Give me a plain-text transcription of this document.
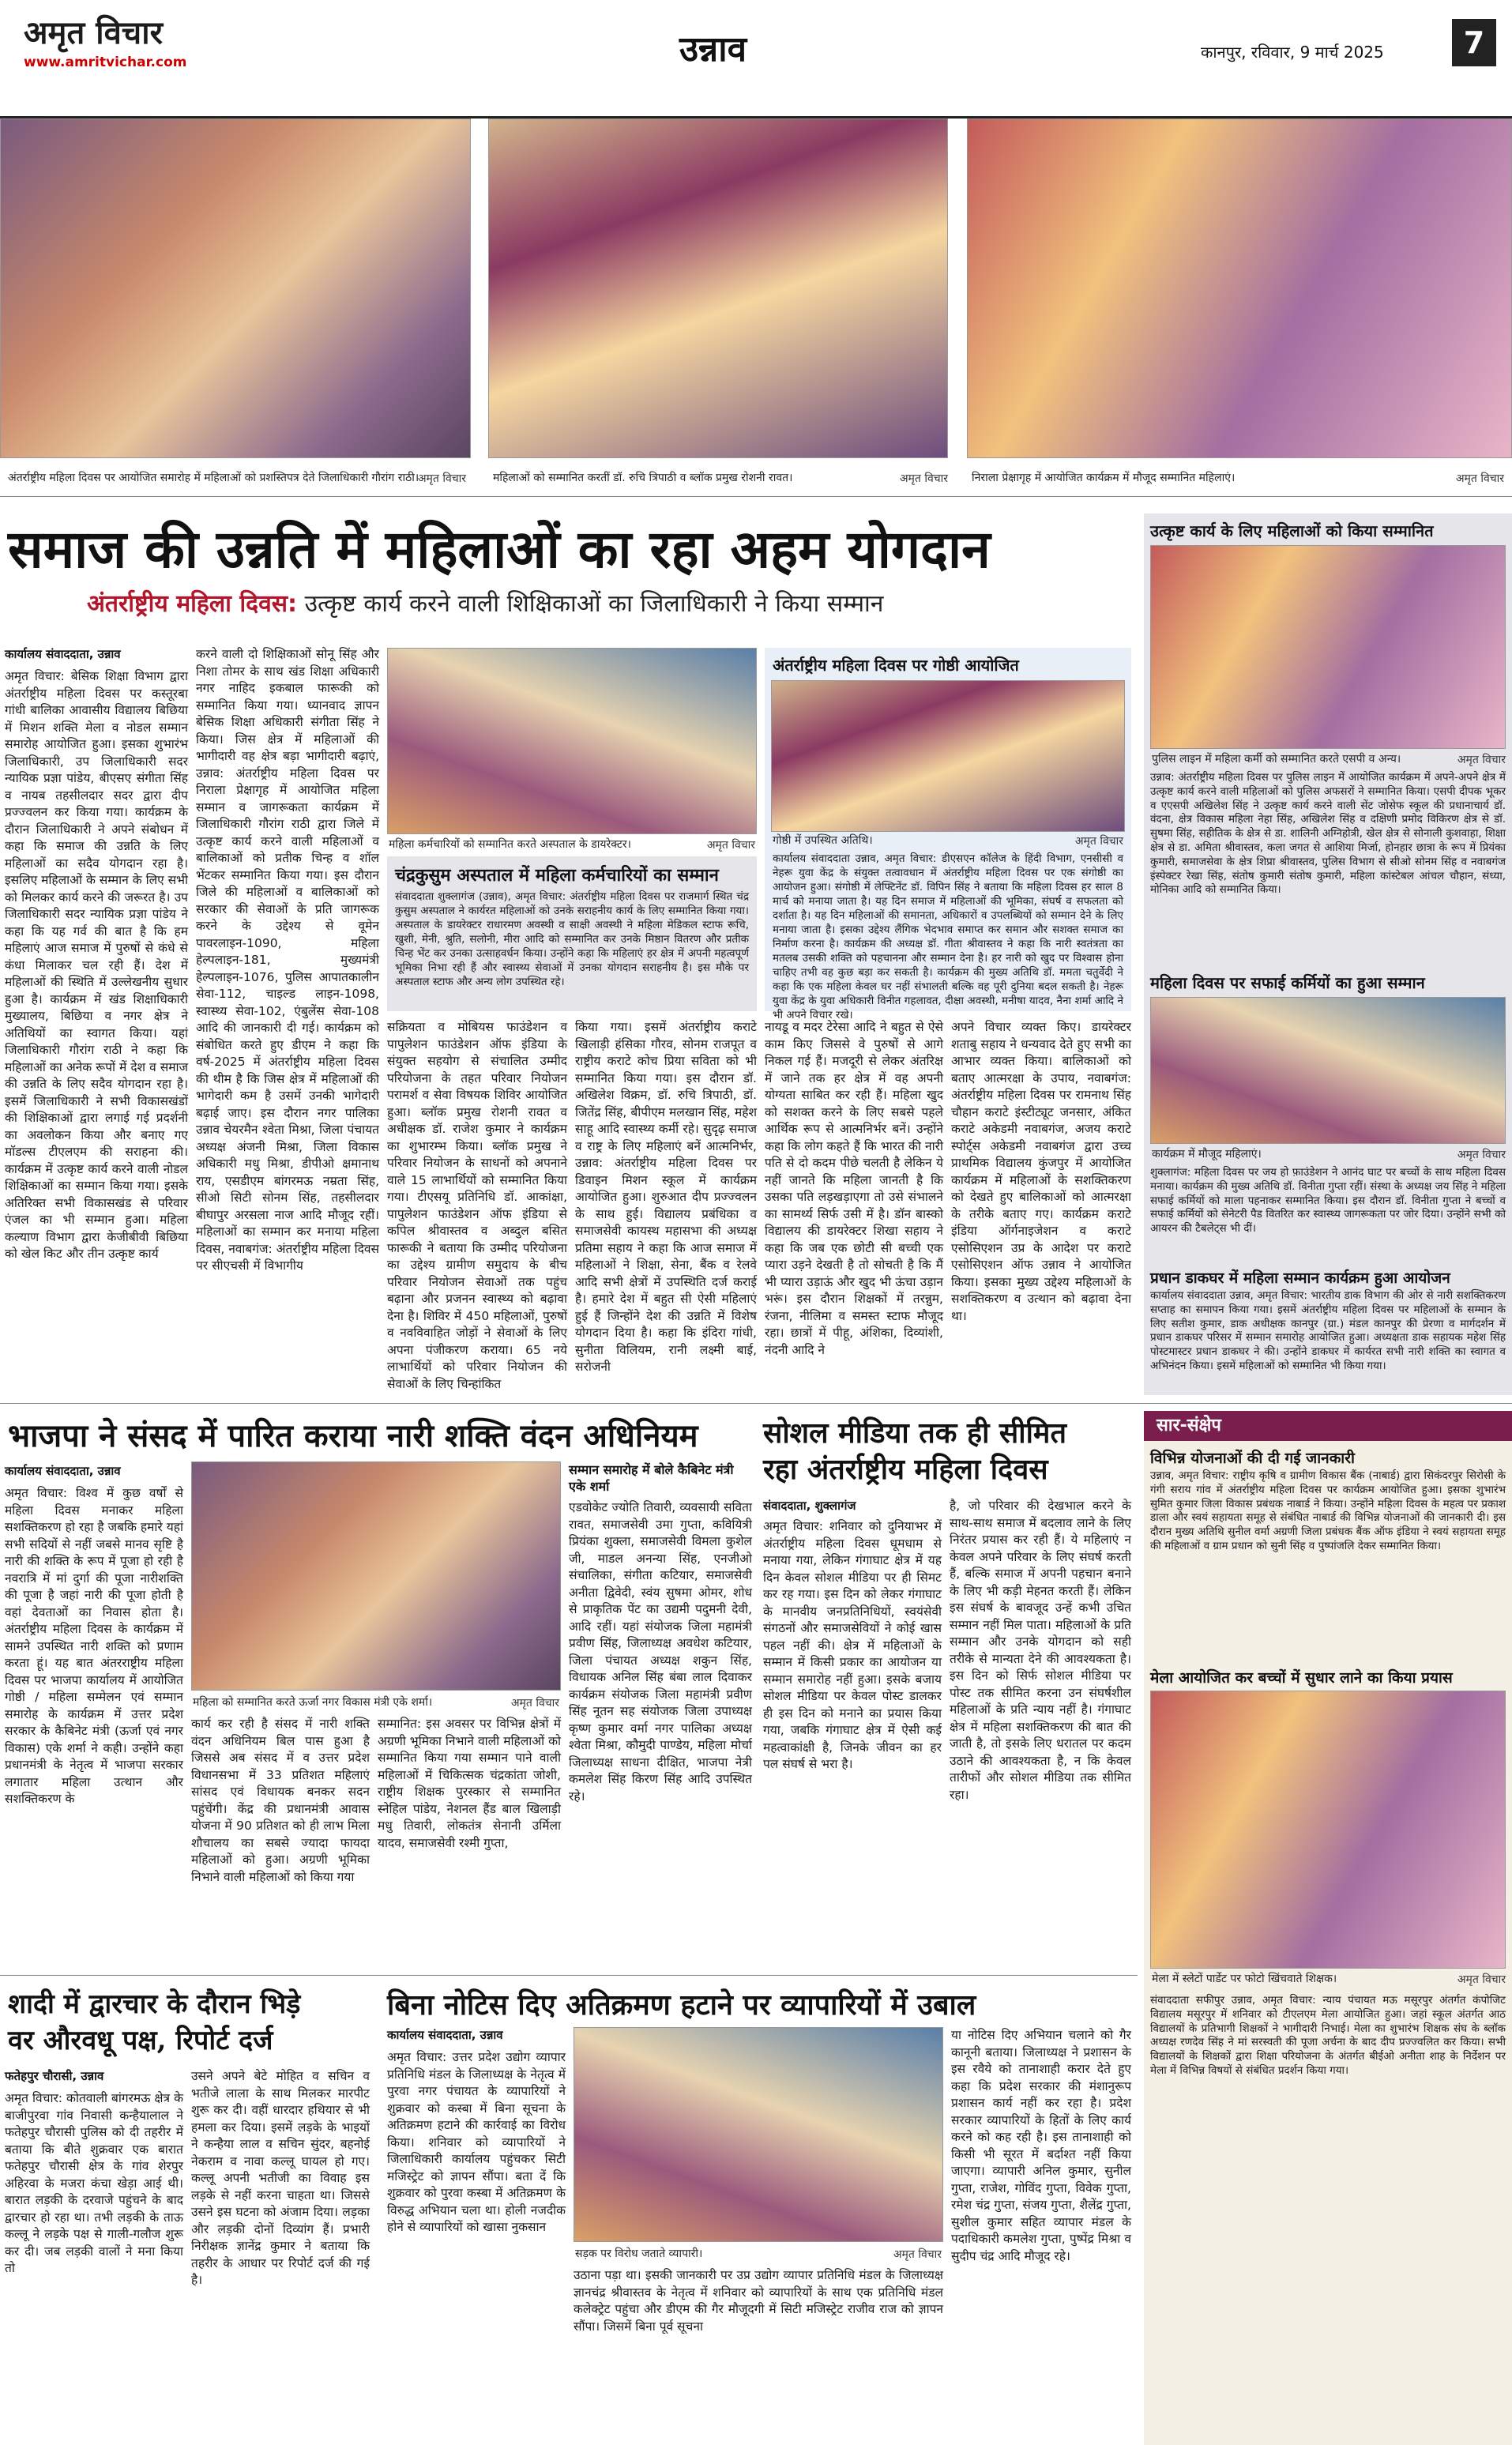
अमृत विचार
www.amritvichar.com	उन्नाव	कानपुर, रविवार, 9 मार्च 2025	7
अंतर्राष्ट्रीय महिला दिवस पर आयोजित समारोह में महिलाओं को प्रशस्तिपत्र देते जिलाधिकारी गौरांग राठी।
अमृत विचार महिलाओं को सम्मानित करतीं डॉ. रुचि त्रिपाठी व ब्लॉक प्रमुख रोशनी रावत।	अमृत विचार निराला प्रेक्षागृह में आयोजित कार्यक्रम में मौजूद सम्मानित महिलाएं।	अमृत विचार
समाज की उन्नति में महिलाओं का रहा अहम योगदान
अंतर्राष्ट्रीय महिला दिवस: उत्कृष्ट कार्य करने वाली शिक्षिकाओं का जिलाधिकारी ने किया सम्मान
कार्यालय संवाददाता, उन्नाव
अमृत विचार: बेसिक शिक्षा विभाग द्वारा अंतर्राष्ट्रीय महिला दिवस पर कस्तूरबा गांधी बालिका आवासीय विद्यालय बिछिया में मिशन शक्ति मेला व नोडल सम्मान समारोह आयोजित हुआ। इसका शुभारंभ जिलाधिकारी, उप जिलाधिकारी सदर न्यायिक प्रज्ञा पांडेय, बीएसए संगीता सिंह व नायब तहसीलदार सदर द्वारा दीप प्रज्ज्वलन कर किया गया। कार्यक्रम के दौरान जिलाधिकारी ने अपने संबोधन में कहा कि समाज की उन्नति के लिए महिलाओं का सदैव योगदान रहा है। इसलिए महिलाओं के सम्मान के लिए सभी को मिलकर कार्य करने की जरूरत है। उप जिलाधिकारी सदर न्यायिक प्रज्ञा पांडेय ने कहा कि यह गर्व की बात है कि हम महिलाएं आज समाज में पुरुषों से कंधे से कंधा मिलाकर चल रही हैं। देश में महिलाओं की स्थिति में उल्लेखनीय सुधार हुआ है। कार्यक्रम में खंड शिक्षाधिकारी मुख्यालय, बिछिया व नगर क्षेत्र ने अतिथियों का स्वागत किया। यहां जिलाधिकारी गौरांग राठी ने कहा कि महिलाओं का अनेक रूपों में देश व समाज की उन्नति के लिए सदैव योगदान रहा है। इसमें जिलाधिकारी ने सभी विकासखंडों की शिक्षिकाओं द्वारा लगाई गई प्रदर्शनी का अवलोकन किया और बनाए गए मॉडल्स टीएलएम की सराहना की। कार्यक्रम में उत्कृष्ट कार्य करने वाली नोडल शिक्षिकाओं का सम्मान किया गया। इसके अतिरिक्त सभी विकासखंड से परिवार एंजल का भी सम्मान हुआ। महिला कल्याण विभाग द्वारा केजीबीवी बिछिया को खेल किट और तीन उत्कृष्ट कार्य
करने वाली दो शिक्षिकाओं सोनू सिंह और निशा तोमर के साथ खंड शिक्षा अधिकारी नगर नाहिद इकबाल फारूकी को सम्मानित किया गया। ध्यानवाद ज्ञापन बेसिक शिक्षा अधिकारी संगीता सिंह ने किया। जिस क्षेत्र में महिलाओं की भागीदारी वह क्षेत्र बड़ा भागीदारी बढ़ाएं, उन्नाव: अंतर्राष्ट्रीय महिला दिवस पर निराला प्रेक्षागृह में आयोजित महिला सम्मान व जागरूकता कार्यक्रम में जिलाधिकारी गौरांग राठी द्वारा जिले में उत्कृष्ट कार्य करने वाली महिलाओं व बालिकाओं को प्रतीक चिन्ह व शॉल भेंटकर सम्मानित किया गया। इस दौरान जिले की महिलाओं व बालिकाओं को सरकार की सेवाओं के प्रति जागरूक करने के उद्देश्य से वूमेन पावरलाइन-1090, महिला हेल्पलाइन-181, मुख्यमंत्री हेल्पलाइन-1076, पुलिस आपातकालीन सेवा-112, चाइल्ड लाइन-1098, स्वास्थ्य सेवा-102, एंबुलेंस सेवा-108 आदि की जानकारी दी गई। कार्यक्रम को संबोधित करते हुए डीएम ने कहा कि वर्ष-2025 में अंतर्राष्ट्रीय महिला दिवस की थीम है कि जिस क्षेत्र में महिलाओं की भागेदारी कम है उसमें उनकी भागेदारी बढ़ाई जाए। इस दौरान नगर पालिका उन्नाव चेयरमैन श्वेता मिश्रा, जिला पंचायत अध्यक्ष अंजनी मिश्रा, जिला विकास अधिकारी मधु मिश्रा, डीपीओ क्षमानाथ राय, एसडीएम बांगरमऊ नम्रता सिंह, सीओ सिटी सोनम सिंह, तहसीलदार बीघापुर अरसला नाज आदि मौजूद रहीं। महिलाओं का सम्मान कर मनाया महिला दिवस, नवाबगंज: अंतर्राष्ट्रीय महिला दिवस पर सीएचसी में विभागीय
महिला कर्मचारियों को सम्मानित करते अस्पताल के डायरेक्टर।	अमृत विचार
चंद्रकुसुम अस्पताल में महिला कर्मचारियों का सम्मान
संवाददाता शुक्लागंज (उन्नाव), अमृत विचार: अंतर्राष्ट्रीय महिला दिवस पर राजमार्ग स्थित चंद्र कुसुम अस्पताल ने कार्यरत महिलाओं को उनके सराहनीय कार्य के लिए सम्मानित किया गया। अस्पताल के डायरेक्टर राधारमण अवस्थी व साक्षी अवस्थी ने महिला मेडिकल स्टाफ रूचि, खुशी, मेनी, श्रुति, सलोनी, मीरा आदि को सम्मानित कर उनके मिष्ठान वितरण और प्रतीक चिन्ह भेंट कर उनका उत्साहवर्धन किया। उन्होंने कहा कि महिलाएं हर क्षेत्र में अपनी महत्वपूर्ण भूमिका निभा रही हैं और स्वास्थ्य सेवाओं में उनका योगदान सराहनीय है। इस मौके पर अस्पताल स्टाफ और अन्य लोग उपस्थित रहे।
अंतर्राष्ट्रीय महिला दिवस पर गोष्ठी आयोजित
गोष्ठी में उपस्थित अतिथि।	अमृत विचार
कार्यालय संवाददाता उन्नाव, अमृत विचार: डीएसएन कॉलेज के हिंदी विभाग, एनसीसी व नेहरू युवा केंद्र के संयुक्त तत्वावधान में अंतर्राष्ट्रीय महिला दिवस पर एक संगोष्ठी का आयोजन हुआ। संगोष्ठी में लेफ्टिनेंट डॉ. विपिन सिंह ने बताया कि महिला दिवस हर साल 8 मार्च को मनाया जाता है। यह दिन समाज में महिलाओं की भूमिका, संघर्ष व सफलता को दर्शाता है। यह दिन महिलाओं की समानता, अधिकारों व उपलब्धियों को सम्मान देने के लिए मनाया जाता है। इसका उद्देश्य लैंगिक भेदभाव समाप्त कर समान और सशक्त समाज का निर्माण करना है। कार्यक्रम की अध्यक्ष डॉ. गीता श्रीवास्तव ने कहा कि नारी स्वतंत्रता का मतलब उसकी शक्ति को पहचानना और सम्मान देना है। हर नारी को खुद पर विश्वास होना चाहिए तभी वह कुछ बड़ा कर सकती है। कार्यक्रम की मुख्य अतिथि डॉ. ममता चतुर्वेदी ने कहा कि एक महिला केवल घर नहीं संभालती बल्कि वह पूरी दुनिया बदल सकती है। नेहरू युवा केंद्र के युवा अधिकारी विनीत गहलावत, दीक्षा अवस्थी, मनीषा यादव, नैना शर्मा आदि ने भी अपने विचार रखे।
सक्रियता व मोबियस फाउंडेशन व पापुलेशन फाउंडेशन ऑफ इंडिया के संयुक्त सहयोग से संचालित उम्मीद परियोजना के तहत परिवार नियोजन परामर्श व सेवा विषयक शिविर आयोजित हुआ। ब्लॉक प्रमुख रोशनी रावत व अधीक्षक डॉ. राजेश कुमार ने कार्यक्रम का शुभारम्भ किया। ब्लॉक प्रमुख ने परिवार नियोजन के साधनों को अपनाने वाले 15 लाभार्थियों को सम्मानित किया गया। टीएसयू प्रतिनिधि डॉ. आकांक्षा, पापुलेशन फाउंडेशन ऑफ इंडिया से कपिल श्रीवास्तव व अब्दुल बसित फारूकी ने बताया कि उम्मीद परियोजना का उद्देश्य ग्रामीण समुदाय के बीच परिवार नियोजन सेवाओं तक पहुंच बढ़ाना और प्रजनन स्वास्थ्य को बढ़ावा देना है। शिविर में 450 महिलाओं, पुरुषों व नवविवाहित जोड़ों ने सेवाओं के लिए अपना पंजीकरण कराया। 65 नये लाभार्थियों को परिवार नियोजन की सेवाओं के लिए चिन्हांकित
किया गया। इसमें अंतर्राष्ट्रीय कराटे खिलाड़ी हंसिका गौरव, सोनम राजपूत व राष्ट्रीय कराटे कोच प्रिया सविता को भी सम्मानित किया गया। इस दौरान डॉ. अखिलेश विक्रम, डॉ. रुचि त्रिपाठी, डॉ. जितेंद्र सिंह, बीपीएम मलखान सिंह, महेश साहू आदि स्वास्थ्य कर्मी रहे। सुदृढ़ समाज व राष्ट्र के लिए महिलाएं बनें आत्मनिर्भर, उन्नाव: अंतर्राष्ट्रीय महिला दिवस पर डिवाइन मिशन स्कूल में कार्यक्रम आयोजित हुआ। शुरुआत दीप प्रज्ज्वलन के साथ हुई। विद्यालय प्रबंधिका व समाजसेवी कायस्थ महासभा की अध्यक्ष प्रतिमा सहाय ने कहा कि आज समाज में महिलाओं ने शिक्षा, सेना, बैंक व रेलवे आदि सभी क्षेत्रों में उपस्थिति दर्ज कराई है। हमारे देश में बहुत सी ऐसी महिलाएं हुई हैं जिन्होंने देश की उन्नति में विशेष योगदान दिया है। कहा कि इंदिरा गांधी, सुनीता विलियम, रानी लक्ष्मी बाई, सरोजनी
नायडू व मदर टेरेसा आदि ने बहुत से ऐसे काम किए जिससे वे पुरुषों से आगे निकल गई हैं। मजदूरी से लेकर अंतरिक्ष में जाने तक हर क्षेत्र में वह अपनी योग्यता साबित कर रही हैं। महिला खुद को सशक्त करने के लिए सबसे पहले आर्थिक रूप से आत्मनिर्भर बनें। उन्होंने कहा कि लोग कहते हैं कि भारत की नारी पति से दो कदम पीछे चलती है लेकिन ये नहीं जानते कि महिला जानती है कि उसका पति लड़खड़ाएगा तो उसे संभालने का सामर्थ्य सिर्फ उसी में है। डॉन बास्को विद्यालय की डायरेक्टर शिखा सहाय ने कहा कि जब एक छोटी सी बच्ची एक प्यारा उड़ने देखती है तो सोचती है कि मैं भी प्यारा उड़ाऊं और खुद भी ऊंचा उड़ान भरूं। इस दौरान शिक्षकों में तरन्नुम, रंजना, नीलिमा व समस्त स्टाफ मौजूद रहा। छात्रों में पीहू, अंशिका, दिव्यांशी, नंदनी आदि ने
अपने विचार व्यक्त किए। डायरेक्टर शताबु सहाय ने धन्यवाद देते हुए सभी का आभार व्यक्त किया। बालिकाओं को बताए आत्मरक्षा के उपाय, नवाबगंज: अंतर्राष्ट्रीय महिला दिवस पर रामनाथ सिंह चौहान कराटे इंस्टीट्यूट जनसार, अंकित कराटे अकेडमी नवाबगंज, अजय कराटे स्पोर्ट्स अकेडमी नवाबगंज द्वारा उच्च प्राथमिक विद्यालय कुंजपुर में आयोजित कार्यक्रम में महिलाओं के सशक्तिकरण को देखते हुए बालिकाओं को आत्मरक्षा के तरीके बताए गए। कार्यक्रम कराटे इंडिया ऑर्गनाइजेशन व कराटे एसोसिएशन उप्र के आदेश पर कराटे एसोसिएशन ऑफ उन्नाव ने आयोजित किया। इसका मुख्य उद्देश्य महिलाओं के सशक्तिकरण व उत्थान को बढ़ावा देना था।
उत्कृष्ट कार्य के लिए महिलाओं को किया सम्मानित
पुलिस लाइन में महिला कर्मी को सम्मानित करते एसपी व अन्य।	अमृत विचार
उन्नाव: अंतर्राष्ट्रीय महिला दिवस पर पुलिस लाइन में आयोजित कार्यक्रम में अपने-अपने क्षेत्र में उत्कृष्ट कार्य करने वाली महिलाओं को पुलिस अफसरों ने सम्मानित किया। एसपी दीपक भूकर व एएसपी अखिलेश सिंह ने उत्कृष्ट कार्य करने वाली सेंट जोसेफ स्कूल की प्रधानाचार्य डॉ. वंदना, क्षेत्र विकास महिला नेहा सिंह, अखिलेश सिंह व दक्षिणी प्रमोद विकिरण क्षेत्र से डॉ. सुषमा सिंह, सहीतिक के क्षेत्र से डा. शालिनी अग्निहोत्री, खेल क्षेत्र से सोनाली कुशवाहा, शिक्षा क्षेत्र से डा. अमिता श्रीवास्तव, कला जगत से आशिया मिर्जा, होनहार छात्रा के रूप में प्रियंका कुमारी, समाजसेवा के क्षेत्र शिप्रा श्रीवास्तव, पुलिस विभाग से सीओ सोनम सिंह व नवाबगंज इंस्पेक्टर रेखा सिंह, संतोष कुमारी संतोष कुमारी, महिला कांस्टेबल आंचल चौहान, संध्या, मोनिका आदि को सम्मानित किया।
महिला दिवस पर सफाई कर्मियों का हुआ सम्मान
कार्यक्रम में मौजूद महिलाएं।	अमृत विचार
शुक्लागंज: महिला दिवस पर जय हो फ़ाउंडेशन ने आनंद घाट पर बच्चों के साथ महिला दिवस मनाया। कार्यक्रम की मुख्य अतिथि डॉ. विनीता गुप्ता रहीं। संस्था के अध्यक्ष जय सिंह ने महिला सफाई कर्मियों को माला पहनाकर सम्मानित किया। इस दौरान डॉ. विनीता गुप्ता ने बच्चों व सफाई कर्मियों को सेनेटरी पैड वितरित कर स्वास्थ्य जागरूकता पर जोर दिया। उन्होंने सभी को आयरन की टैबलेट्स भी दीं।
प्रधान डाकघर में महिला सम्मान कार्यक्रम हुआ आयोजन
कार्यालय संवाददाता उन्नाव, अमृत विचार: भारतीय डाक विभाग की ओर से नारी सशक्तिकरण सप्ताह का समापन किया गया। इसमें अंतर्राष्ट्रीय महिला दिवस पर महिलाओं के सम्मान के लिए सतीश कुमार, डाक अधीक्षक कानपुर (ग्रा.) मंडल कानपुर की प्रेरणा व मार्गदर्शन में प्रधान डाकघर परिसर में सम्मान समारोह आयोजित हुआ। अध्यक्षता डाक सहायक महेश सिंह पोस्टमास्टर प्रधान डाकघर ने की। उन्होंने डाकघर में कार्यरत सभी नारी शक्ति का स्वागत व अभिनंदन किया। इसमें महिलाओं को सम्मानित भी किया गया।
भाजपा ने संसद में पारित कराया नारी शक्ति वंदन अधिनियम
कार्यालय संवाददाता, उन्नाव
अमृत विचार: विश्व में कुछ वर्षों से महिला दिवस मनाकर महिला सशक्तिकरण हो रहा है जबकि हमारे यहां सभी सदियों से नहीं जबसे मानव सृष्टि है नारी की शक्ति के रूप में पूजा हो रही है नवरात्रि में मां दुर्गा की पूजा नारीशक्ति की पूजा है जहां नारी की पूजा होती है वहां देवताओं का निवास होता है। अंतर्राष्ट्रीय महिला दिवस के कार्यक्रम में सामने उपस्थित नारी शक्ति को प्रणाम करता हूं। यह बात अंतरराष्ट्रीय महिला दिवस पर भाजपा कार्यालय में आयोजित गोष्ठी / महिला सम्मेलन एवं सम्मान समारोह के कार्यक्रम में उत्तर प्रदेश सरकार के कैबिनेट मंत्री (ऊर्जा एवं नगर विकास) एके शर्मा ने कही। उन्होंने कहा प्रधानमंत्री के नेतृत्व में भाजपा सरकार लगातार महिला उत्थान और सशक्तिकरण के
महिला को सम्मानित करते ऊर्जा नगर विकास मंत्री एके शर्मा।	अमृत विचार
कार्य कर रही है संसद में नारी शक्ति वंदन अधिनियम बिल पास हुआ है जिससे अब संसद में व उत्तर प्रदेश विधानसभा में 33 प्रतिशत महिलाएं सांसद एवं विधायक बनकर सदन पहुंचेंगी। केंद्र की प्रधानमंत्री आवास योजना में 90 प्रतिशत को ही लाभ मिला शौचालय का सबसे ज्यादा फायदा महिलाओं को हुआ। अग्रणी भूमिका निभाने वाली महिलाओं को किया गया
सम्मानित: इस अवसर पर विभिन्न क्षेत्रों में अग्रणी भूमिका निभाने वाली महिलाओं को सम्मानित किया गया सम्मान पाने वाली महिलाओं में चिकित्सक चंद्रकांता जोशी, राष्ट्रीय शिक्षक पुरस्कार से सम्मानित स्नेहिल पांडेय, नेशनल हैंड बाल खिलाड़ी मधु तिवारी, लोकतंत्र सेनानी उर्मिला यादव, समाजसेवी रश्मी गुप्ता,
सम्मान समारोह में बोले कैबिनेट मंत्री एके शर्मा
एडवोकेट ज्योति तिवारी, व्यवसायी सविता रावत, समाजसेवी उमा गुप्ता, कवियित्री प्रियंका शुक्ला, समाजसेवी विमला कुशेल जी, माडल अनन्या सिंह, एनजीओ संचालिका, संगीता कटियार, समाजसेवी अनीता द्विवेदी, स्वंय सुषमा ओमर, शोध से प्राकृतिक पेंट का उद्यमी पदुमनी देवी, आदि रहीं। यहां संयोजक जिला महामंत्री प्रवीण सिंह, जिलाध्यक्ष अवधेश कटियार, जिला पंचायत अध्यक्ष शकुन सिंह, विधायक अनिल सिंह बंबा लाल दिवाकर कार्यक्रम संयोजक जिला महामंत्री प्रवीण सिंह नूतन सह संयोजक जिला उपाध्यक्ष कृष्ण कुमार वर्मा नगर पालिका अध्यक्ष श्वेता मिश्रा, कौमुदी पाण्डेय, महिला मोर्चा जिलाध्यक्ष साधना दीक्षित, भाजपा नेत्री कमलेश सिंह किरण सिंह आदि उपस्थित रहे।
सोशल मीडिया तक ही सीमित
रहा अंतर्राष्ट्रीय महिला दिवस
संवाददाता, शुक्लागंज
अमृत विचार: शनिवार को दुनियाभर में अंतर्राष्ट्रीय महिला दिवस धूमधाम से मनाया गया, लेकिन गंगाघाट क्षेत्र में यह दिन केवल सोशल मीडिया पर ही सिमट कर रह गया। इस दिन को लेकर गंगाघाट के मानवीय जनप्रतिनिधियों, स्वयंसेवी संगठनों और समाजसेवियों ने कोई खास पहल नहीं की। क्षेत्र में महिलाओं के सम्मान में किसी प्रकार का आयोजन या सम्मान समारोह नहीं हुआ। इसके बजाय सोशल मीडिया पर केवल पोस्ट डालकर ही इस दिन को मनाने का प्रयास किया गया, जबकि गंगाघाट क्षेत्र में ऐसी कई महत्वाकांक्षी है, जिनके जीवन का हर पल संघर्ष से भरा है।
है, जो परिवार की देखभाल करने के साथ-साथ समाज में बदलाव लाने के लिए निरंतर प्रयास कर रही हैं। ये महिलाएं न केवल अपने परिवार के लिए संघर्ष करती हैं, बल्कि समाज में अपनी पहचान बनाने के लिए भी कड़ी मेहनत करती हैं। लेकिन इस संघर्ष के बावजूद उन्हें कभी उचित सम्मान नहीं मिल पाता। महिलाओं के प्रति सम्मान और उनके योगदान को सही तरीके से मान्यता देने की आवश्यकता है। इस दिन को सिर्फ सोशल मीडिया पर पोस्ट तक सीमित करना उन संघर्षशील महिलाओं के प्रति न्याय नहीं है। गंगाघाट क्षेत्र में महिला सशक्तिकरण की बात की जाती है, तो इसके लिए धरातल पर कदम उठाने की आवश्यकता है, न कि केवल तारीफों और सोशल मीडिया तक सीमित रहा।
सार-संक्षेप
विभिन्न योजनाओं की दी गई जानकारी
उन्नाव, अमृत विचार: राष्ट्रीय कृषि व ग्रामीण विकास बैंक (नाबार्ड) द्वारा सिकंदरपुर सिरोसी के गंगी सराय गांव में अंतर्राष्ट्रीय महिला दिवस पर कार्यक्रम आयोजित हुआ। इसका शुभारंभ सुमित कुमार जिला विकास प्रबंधक नाबार्ड ने किया। उन्होंने महिला दिवस के महत्व पर प्रकाश डाला और स्वयं सहायता समूह से संबंधित नाबार्ड की विभिन्न योजनाओं की जानकारी दी। इस दौरान मुख्य अतिथि सुनील वर्मा अग्रणी जिला प्रबंधक बैंक ऑफ इंडिया ने स्वयं सहायता समूह की महिलाओं व ग्राम प्रधान को सुनी सिंह व पुष्पांजलि देकर सम्मानित किया।
मेला आयोजित कर बच्चों में सुधार लाने का किया प्रयास
मेला में स्लेटों पार्डेट पर फोटो खिंचवाते शिक्षक।	अमृत विचार
संवाददाता सफीपुर उन्नाव, अमृत विचार: न्याय पंचायत मऊ मसूरपुर अंतर्गत कंपोजिट विद्यालय मसूरपुर में शनिवार को टीएलएम मेला आयोजित हुआ। जहां स्कूल अंतर्गत आठ विद्यालयों के प्रतिभागी शिक्षकों ने भागीदारी निभाई। मेला का शुभारंभ शिक्षक संघ के ब्लॉक अध्यक्ष रणदेव सिंह ने मां सरस्वती की पूजा अर्चना के बाद दीप प्रज्ज्वलित कर किया। सभी विद्यालयों के शिक्षकों द्वारा शिक्षा परियोजना के अंतर्गत बीईओ अनीता शाह के निर्देशन पर मेला में विभिन्न विषयों से संबंधित प्रदर्शन किया गया।
शादी में द्वारचार के दौरान भिड़े
वर औरवधू पक्ष, रिपोर्ट दर्ज
फतेहपुर चौरासी, उन्नाव
अमृत विचार: कोतवाली बांगरमऊ क्षेत्र के बाजीपुरवा गांव निवासी कन्हैयालाल ने फतेहपुर चौरासी पुलिस को दी तहरीर में बताया कि बीते शुक्रवार एक बारात फतेहपुर चौरासी क्षेत्र के गांव शेरपुर अहिरवा के मजरा कंचा खेड़ा आई थी। बारात लड़की के दरवाजे पहुंचने के बाद द्वारचार हो रहा था। तभी लड़की के ताऊ कल्लू ने लड़के पक्ष से गाली-गलौज शुरू कर दी। जब लड़की वालों ने मना किया तो
उसने अपने बेटे मोहित व सचिन व भतीजे लाला के साथ मिलकर मारपीट शुरू कर दी। वहीं धारदार हथियार से भी हमला कर दिया। इसमें लड़के के भाइयों ने कन्हैया लाल व सचिन सुंदर, बहनोई नेकराम व नावा कल्लू घायल हो गए। कल्लू अपनी भतीजी का विवाह इस लड़के से नहीं करना चाहता था। जिससे उसने इस घटना को अंजाम दिया। लड़का और लड़की दोनों दिव्यांग हैं। प्रभारी निरीक्षक ज्ञानेंद्र कुमार ने बताया कि तहरीर के आधार पर रिपोर्ट दर्ज की गई है।
बिना नोटिस दिए अतिक्रमण हटाने पर व्यापारियों में उबाल
कार्यालय संवाददाता, उन्नाव
अमृत विचार: उत्तर प्रदेश उद्योग व्यापार प्रतिनिधि मंडल के जिलाध्यक्ष के नेतृत्व में पुरवा नगर पंचायत के व्यापारियों ने शुक्रवार को कस्बा में बिना सूचना के अतिक्रमण हटाने की कार्रवाई का विरोध किया। शनिवार को व्यापारियों ने जिलाधिकारी कार्यालय पहुंचकर सिटी मजिस्ट्रेट को ज्ञापन सौंपा। बता दें कि शुक्रवार को पुरवा कस्बा में अतिक्रमण के विरुद्ध अभियान चला था। होली नजदीक होने से व्यापारियों को खासा नुकसान
सड़क पर विरोध जताते व्यापारी।	अमृत विचार
उठाना पड़ा था। इसकी जानकारी पर उप्र उद्योग व्यापार प्रतिनिधि मंडल के जिलाध्यक्ष ज्ञानचंद्र श्रीवास्तव के नेतृत्व में शनिवार को व्यापारियों के साथ एक प्रतिनिधि मंडल कलेक्ट्रेट पहुंचा और डीएम की गैर मौजूदगी में सिटी मजिस्ट्रेट राजीव राज को ज्ञापन सौंपा। जिसमें बिना पूर्व सूचना
या नोटिस दिए अभियान चलाने को गैर कानूनी बताया। जिलाध्यक्ष ने प्रशासन के इस रवैये को तानाशाही करार देते हुए कहा कि प्रदेश सरकार की मंशानुरूप प्रशासन कार्य नहीं कर रहा है। प्रदेश सरकार व्यापारियों के हितों के लिए कार्य करने को कह रही है। इस तानाशाही को किसी भी सूरत में बर्दाश्त नहीं किया जाएगा। व्यापारी अनिल कुमार, सुनील गुप्ता, राजेश, गोविंद गुप्ता, विवेक गुप्ता, रमेश चंद्र गुप्ता, संजय गुप्ता, शैलेंद्र गुप्ता, सुशील कुमार सहित व्यापार मंडल के पदाधिकारी कमलेश गुप्ता, पुष्पेंद्र मिश्रा व सुदीप चंद्र आदि मौजूद रहे।
